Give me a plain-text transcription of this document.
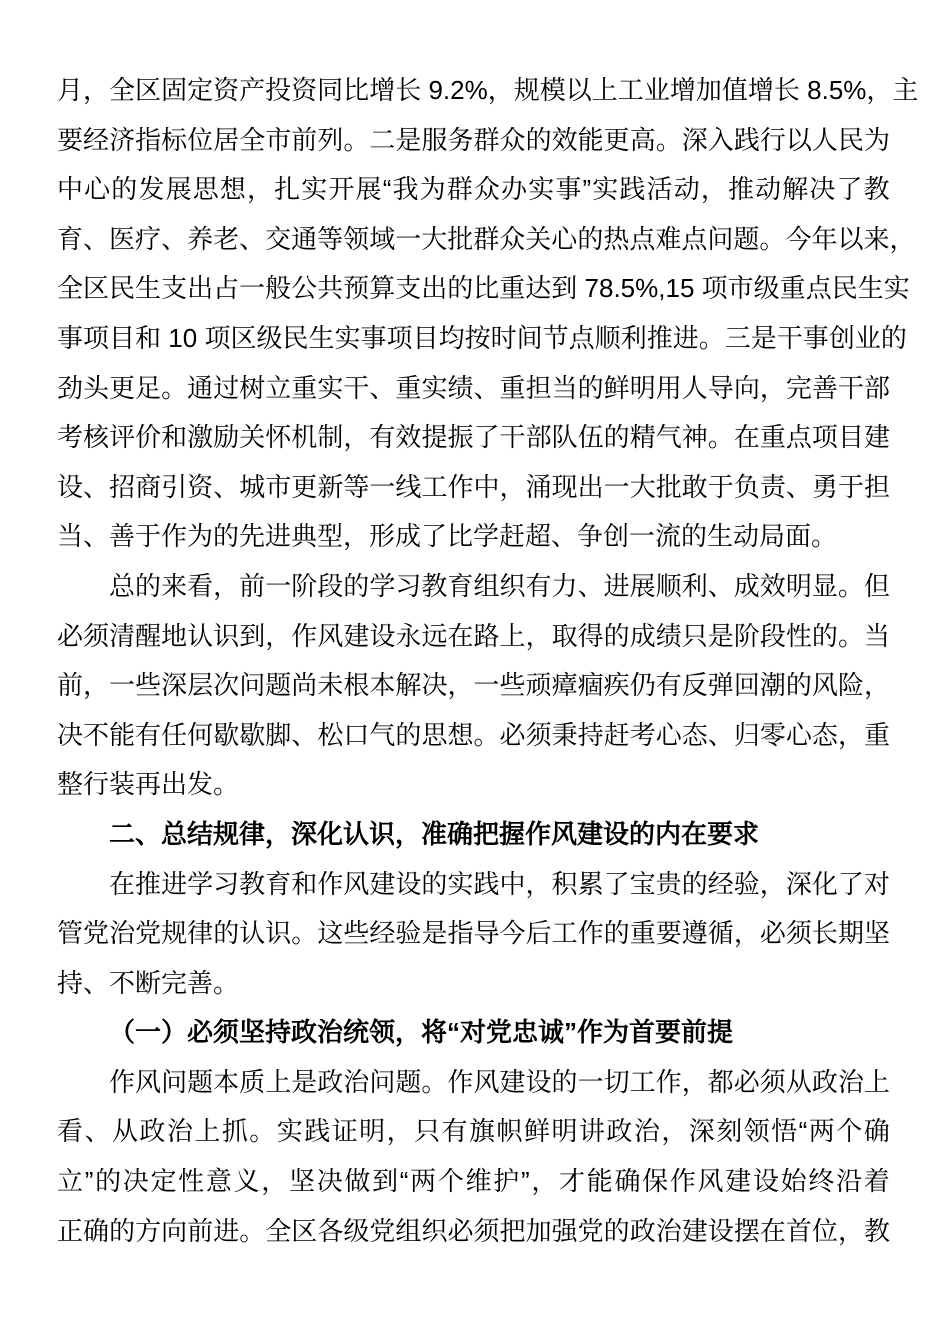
月 ， 全 区 固 定 资 产 投 资 同 比 增 长 9.2% ， 规 模 以 上 工 业 增 加 值 增 长 8.5% ， 主
要 经 济 指 标 位 居 全 市 前 列 。 二 是 服 务 群 众 的 效 能 更 高 。 深 入 践 行 以 人 民 为
中 心 的 发 展 思 想 ， 扎 实 开 展 “ 我 为 群 众 办 实 事 ” 实 践 活 动 ， 推 动 解 决 了 教
育 、 医 疗 、 养 老 、 交 通 等 领 域 一 大 批 群 众 关 心 的 热 点 难 点 问 题 。 今 年 以 来 ，
全 区 民 生 支 出 占 一 般 公 共 预 算 支 出 的 比 重 达 到 78.5%,15 项 市 级 重 点 民 生 实
事 项 目 和 10 项 区 级 民 生 实 事 项 目 均 按 时 间 节 点 顺 利 推 进 。 三 是 干 事 创 业 的
劲 头 更 足 。 通 过 树 立 重 实 干 、 重 实 绩 、 重 担 当 的 鲜 明 用 人 导 向 ， 完 善 干 部
考 核 评 价 和 激 励 关 怀 机 制 ， 有 效 提 振 了 干 部 队 伍 的 精 气 神 。 在 重 点 项 目 建
设 、 招 商 引 资 、 城 市 更 新 等 一 线 工 作 中 ， 涌 现 出 一 大 批 敢 于 负 责 、 勇 于 担
当、善于作为的先进典型，形成了比学赶超、争创一流的生动局面。
总 的 来 看 ， 前 一 阶 段 的 学 习 教 育 组 织 有 力 、 进 展 顺 利 、 成 效 明 显 。 但
必 须 清 醒 地 认 识 到 ， 作 风 建 设 永 远 在 路 上 ， 取 得 的 成 绩 只 是 阶 段 性 的 。 当
前 ， 一 些 深 层 次 问 题 尚 未 根 本 解 决 ， 一 些 顽 瘴 痼 疾 仍 有 反 弹 回 潮 的 风 险 ，
决 不 能 有 任 何 歇 歇 脚 、 松 口 气 的 思 想 。 必 须 秉 持 赶 考 心 态 、 归 零 心 态 ， 重
整行装再出发。
二、总结规律，深化认识，准确把握作风建设的内在要求
在 推 进 学 习 教 育 和 作 风 建 设 的 实 践 中 ， 积 累 了 宝 贵 的 经 验 ， 深 化 了 对
管 党 治 党 规 律 的 认 识 。 这 些 经 验 是 指 导 今 后 工 作 的 重 要 遵 循 ， 必 须 长 期 坚
持、不断完善。
（一）必须坚持政治统领，将“对党忠诚”作为首要前提
作 风 问 题 本 质 上 是 政 治 问 题 。 作 风 建 设 的 一 切 工 作 ， 都 必 须 从 政 治 上
看 、 从 政 治 上 抓 。 实 践 证 明 ， 只 有 旗 帜 鲜 明 讲 政 治 ， 深 刻 领 悟 “ 两 个 确
立 ” 的 决 定 性 意 义 ， 坚 决 做 到 “ 两 个 维 护 ” ， 才 能 确 保 作 风 建 设 始 终 沿 着
正 确 的 方 向 前 进 。 全 区 各 级 党 组 织 必 须 把 加 强 党 的 政 治 建 设 摆 在 首 位 ， 教
